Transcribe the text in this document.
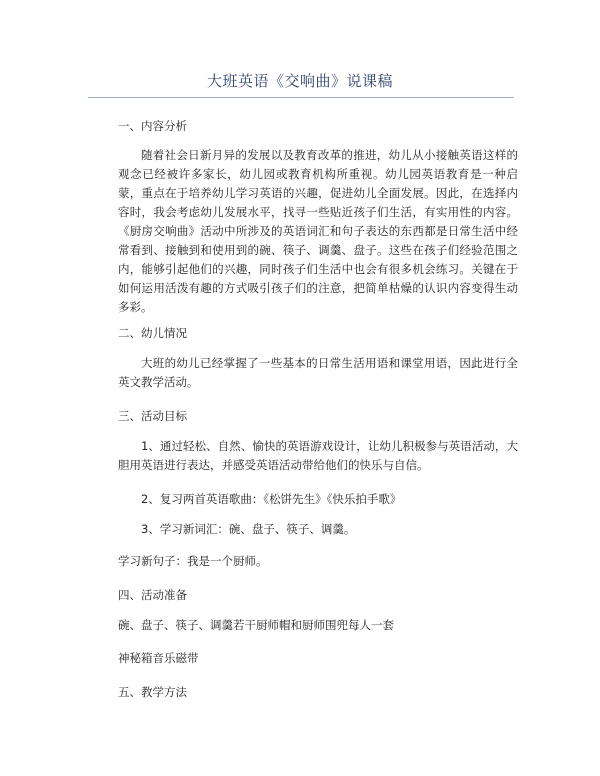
大班英语《交响曲》说课稿
一、内容分析
随着社会日新月异的发展以及教育改革的推进，幼儿从小接触英语这样的观念已经被许多家长，幼儿园或教育机构所重视。幼儿园英语教育是一种启蒙，重点在于培养幼儿学习英语的兴趣，促进幼儿全面发展。因此，在选择内容时，我会考虑幼儿发展水平，找寻一些贴近孩子们生活，有实用性的内容。《厨房交响曲》活动中所涉及的英语词汇和句子表达的东西都是日常生活中经常看到、接触到和使用到的碗、筷子、调羹、盘子。这些在孩子们经验范围之内，能够引起他们的兴趣，同时孩子们生活中也会有很多机会练习。关键在于如何运用活泼有趣的方式吸引孩子们的注意，把简单枯燥的认识内容变得生动多彩。
二、幼儿情况
大班的幼儿已经掌握了一些基本的日常生活用语和课堂用语，因此进行全英文教学活动。
三、活动目标
1、通过轻松、自然、愉快的英语游戏设计，让幼儿积极参与英语活动，大胆用英语进行表达，并感受英语活动带给他们的快乐与自信。
2、复习两首英语歌曲：《松饼先生》《快乐拍手歌》
3、学习新词汇：碗、盘子、筷子、调羹。
学习新句子：我是一个厨师。
四、活动准备
碗、盘子、筷子、调羹若干厨师帽和厨师围兜每人一套
神秘箱音乐磁带
五、教学方法
